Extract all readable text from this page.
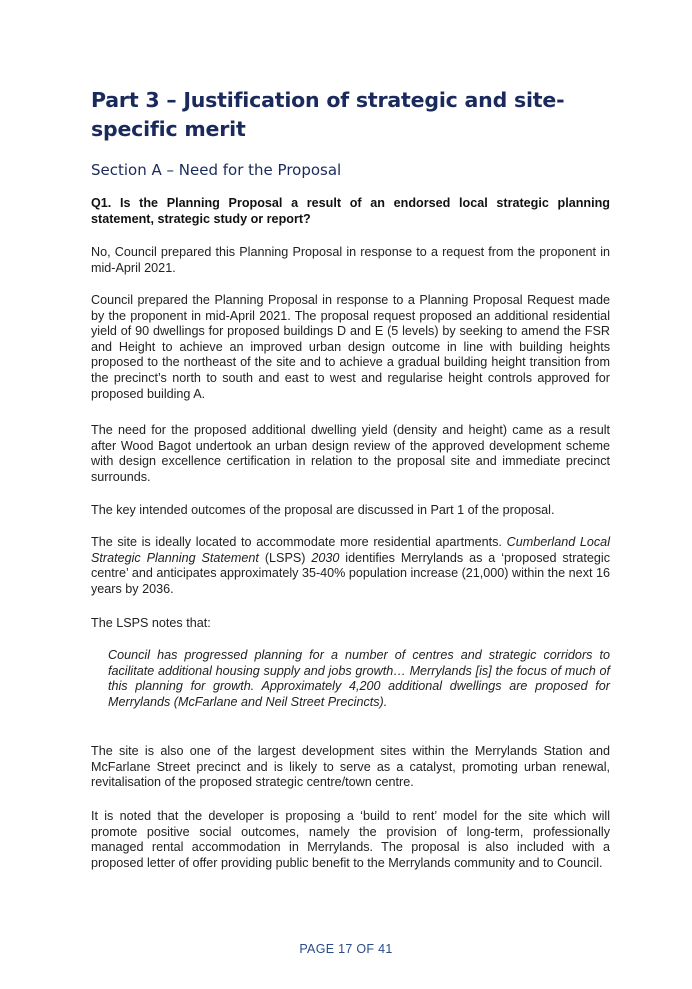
Part 3 – Justification of strategic and site-specific merit
Section A – Need for the Proposal

Q1. Is the Planning Proposal a result of an endorsed local strategic planning statement, strategic study or report?

No, Council prepared this Planning Proposal in response to a request from the proponent in mid-April 2021.

Council prepared the Planning Proposal in response to a Planning Proposal Request made by the proponent in mid-April 2021. The proposal request proposed an additional residential yield of 90 dwellings for proposed buildings D and E (5 levels) by seeking to amend the FSR and Height to achieve an improved urban design outcome in line with building heights proposed to the northeast of the site and to achieve a gradual building height transition from the precinct’s north to south and east to west and regularise height controls approved for proposed building A.

The need for the proposed additional dwelling yield (density and height) came as a result after Wood Bagot undertook an urban design review of the approved development scheme with design excellence certification in relation to the proposal site and immediate precinct surrounds.

The key intended outcomes of the proposal are discussed in Part 1 of the proposal.

The site is ideally located to accommodate more residential apartments. Cumberland Local Strategic Planning Statement (LSPS) 2030 identifies Merrylands as a ‘proposed strategic centre’ and anticipates approximately 35-40% population increase (21,000) within the next 16 years by 2036.

The LSPS notes that:

Council has progressed planning for a number of centres and strategic corridors to facilitate additional housing supply and jobs growth… Merrylands [is] the focus of much of this planning for growth. Approximately 4,200 additional dwellings are proposed for Merrylands (McFarlane and Neil Street Precincts).

The site is also one of the largest development sites within the Merrylands Station and McFarlane Street precinct and is likely to serve as a catalyst, promoting urban renewal, revitalisation of the proposed strategic centre/town centre.

It is noted that the developer is proposing a ‘build to rent’ model for the site which will promote positive social outcomes, namely the provision of long-term, professionally managed rental accommodation in Merrylands. The proposal is also included with a proposed letter of offer providing public benefit to the Merrylands community and to Council.

PAGE 17 OF 41
